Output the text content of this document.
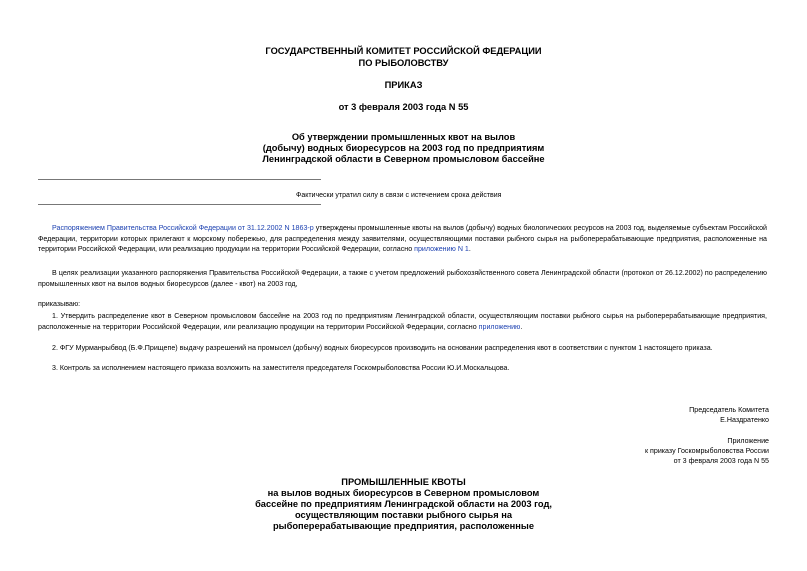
ГОСУДАРСТВЕННЫЙ КОМИТЕТ РОССИЙСКОЙ ФЕДЕРАЦИИ
ПО РЫБОЛОВСТВУ
ПРИКАЗ
от 3 февраля 2003 года N 55
Об утверждении промышленных квот на вылов
(добычу) водных биоресурсов на 2003 год по предприятиям
Ленинградской области в Северном промысловом бассейне
Фактически утратил силу в связи с истечением срока действия
Распоряжением Правительства Российской Федерации от 31.12.2002 N 1863-р утверждены промышленные квоты на вылов (добычу) водных биологических ресурсов на 2003 год, выделяемые субъектам Российской Федерации, территории которых прилегают к морскому побережью, для распределения между заявителями, осуществляющими поставки рыбного сырья на рыбоперерабатывающие предприятия, расположенные на территории Российской Федерации, или реализацию продукции на территории Российской Федерации, согласно приложению N 1.
В целях реализации указанного распоряжения Правительства Российской Федерации, а также с учетом предложений рыбохозяйственного совета Ленинградской области (протокол от 26.12.2002) по распределению промышленных квот на вылов водных биоресурсов (далее - квот) на 2003 год,
приказываю:
1. Утвердить распределение квот в Северном промысловом бассейне на 2003 год по предприятиям Ленинградской области, осуществляющим поставки рыбного сырья на рыбоперерабатывающие предприятия, расположенные на территории Российской Федерации, или реализацию продукции на территории Российской Федерации, согласно приложению.
2. ФГУ Мурманрыбвод (Б.Ф.Прищепе) выдачу разрешений на промысел (добычу) водных биоресурсов производить на основании распределения квот в соответствии с пунктом 1 настоящего приказа.
3. Контроль за исполнением настоящего приказа возложить на заместителя председателя Госкомрыболовства России Ю.И.Москальцова.
Председатель Комитета
Е.Наздратенко
Приложение
к приказу Госкомрыболовства России
от 3 февраля 2003 года N 55
ПРОМЫШЛЕННЫЕ КВОТЫ
на вылов водных биоресурсов в Северном промысловом
бассейне по предприятиям Ленинградской области на 2003 год,
осуществляющим поставки рыбного сырья на
рыбоперерабатывающие предприятия, расположенные
